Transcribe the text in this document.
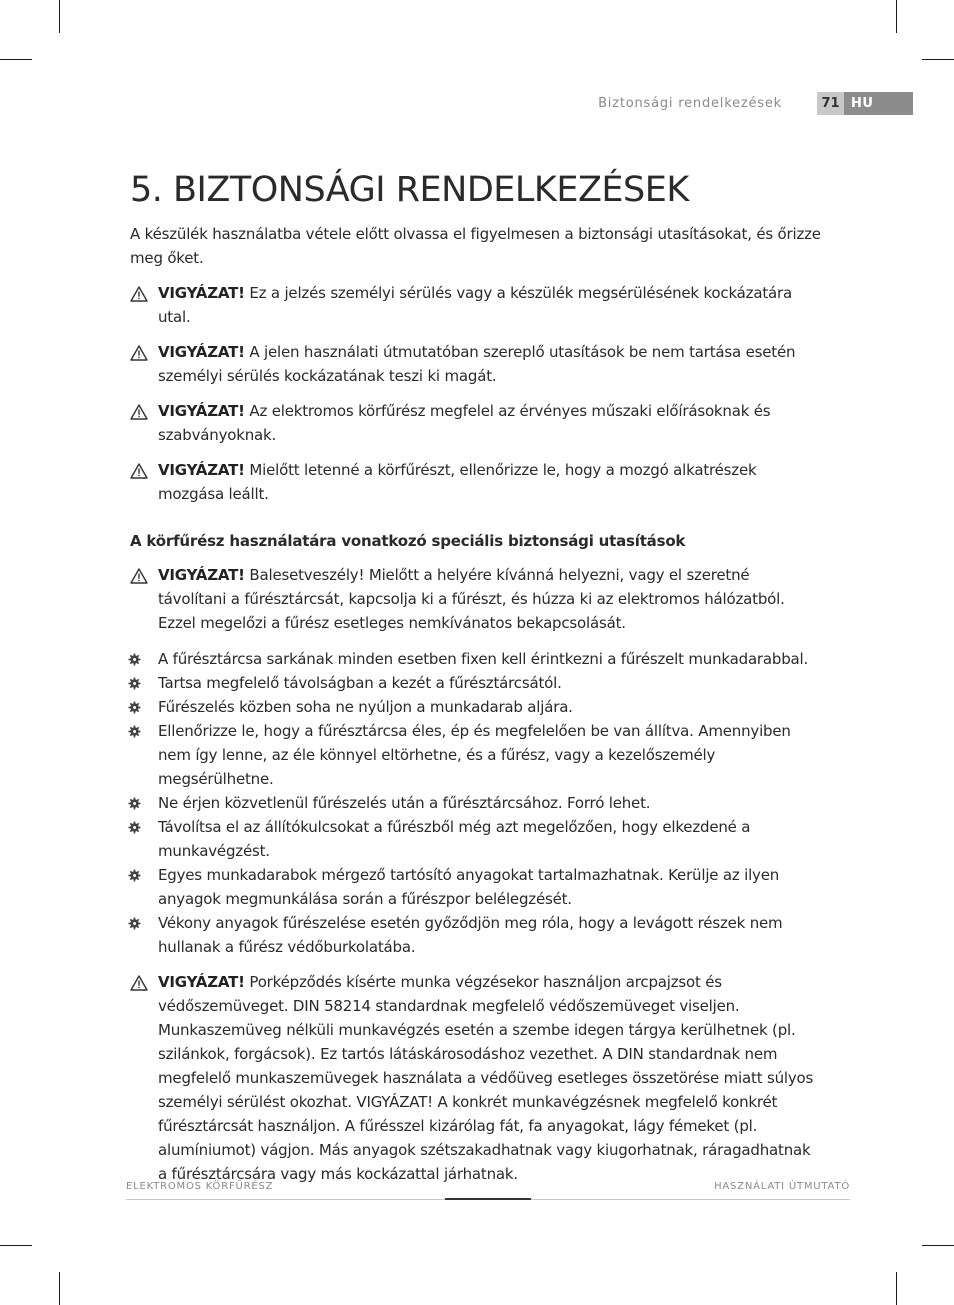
Biztonsági rendelkezések	71 HU
5. BIZTONSÁGI RENDELKEZÉSEK

A készülék használatba vétele előtt olvassa el figyelmesen a biztonsági utasításokat, és őrizze meg őket.

VIGYÁZAT! Ez a jelzés személyi sérülés vagy a készülék megsérülésének kockázatára utal.
VIGYÁZAT! A jelen használati útmutatóban szereplő utasítások be nem tartása esetén személyi sérülés kockázatának teszi ki magát.
VIGYÁZAT! Az elektromos körfűrész megfelel az érvényes műszaki előírásoknak és szabványoknak.
VIGYÁZAT! Mielőtt letenné a körfűrészt, ellenőrizze le, hogy a mozgó alkatrészek mozgása leállt.
A körfűrész használatára vonatkozó speciális biztonsági utasítások
VIGYÁZAT! Balesetveszély! Mielőtt a helyére kívánná helyezni, vagy el szeretné távolítani a fűrésztárcsát, kapcsolja ki a fűrészt, és húzza ki az elektromos hálózatból. Ezzel megelőzi a fűrész esetleges nemkívánatos bekapcsolását.
A fűrésztárcsa sarkának minden esetben fixen kell érintkezni a fűrészelt munkadarabbal.
Tartsa megfelelő távolságban a kezét a fűrésztárcsától.
Fűrészelés közben soha ne nyúljon a munkadarab aljára.
Ellenőrizze le, hogy a fűrésztárcsa éles, ép és megfelelően be van állítva. Amennyiben nem így lenne, az éle könnyel eltörhetne, és a fűrész, vagy a kezelőszemély megsérülhetne.
Ne érjen közvetlenül fűrészelés után a fűrésztárcsához. Forró lehet.
Távolítsa el az állítókulcsokat a fűrészből még azt megelőzően, hogy elkezdené a munkavégzést.
Egyes munkadarabok mérgező tartósító anyagokat tartalmazhatnak. Kerülje az ilyen anyagok megmunkálása során a fűrészpor belélegzését.
Vékony anyagok fűrészelése esetén győződjön meg róla, hogy a levágott részek nem hullanak a fűrész védőburkolatába.
VIGYÁZAT! Porképződés kísérte munka végzésekor használjon arcpajzsot és védőszemüveget. DIN 58214 standardnak megfelelő védőszemüveget viseljen. Munkaszemüveg nélküli munkavégzés esetén a szembe idegen tárgya kerülhetnek (pl. szilánkok, forgácsok). Ez tartós látáskárosodáshoz vezethet. A DIN standardnak nem megfelelő munkaszemüvegek használata a védőüveg esetleges összetörése miatt súlyos személyi sérülést okozhat. VIGYÁZAT! A konkrét munkavégzésnek megfelelő konkrét fűrésztárcsát használjon. A fűrésszel kizárólag fát, fa anyagokat, lágy fémeket (pl. alumíniumot) vágjon. Más anyagok szétszakadhatnak vagy kiugorhatnak, ráragadhatnak a fűrésztárcsára vagy más kockázattal járhatnak.
ELEKTROMOS KÖRFŰRÉSZ	HASZNÁLATI ÚTMUTATÓ
